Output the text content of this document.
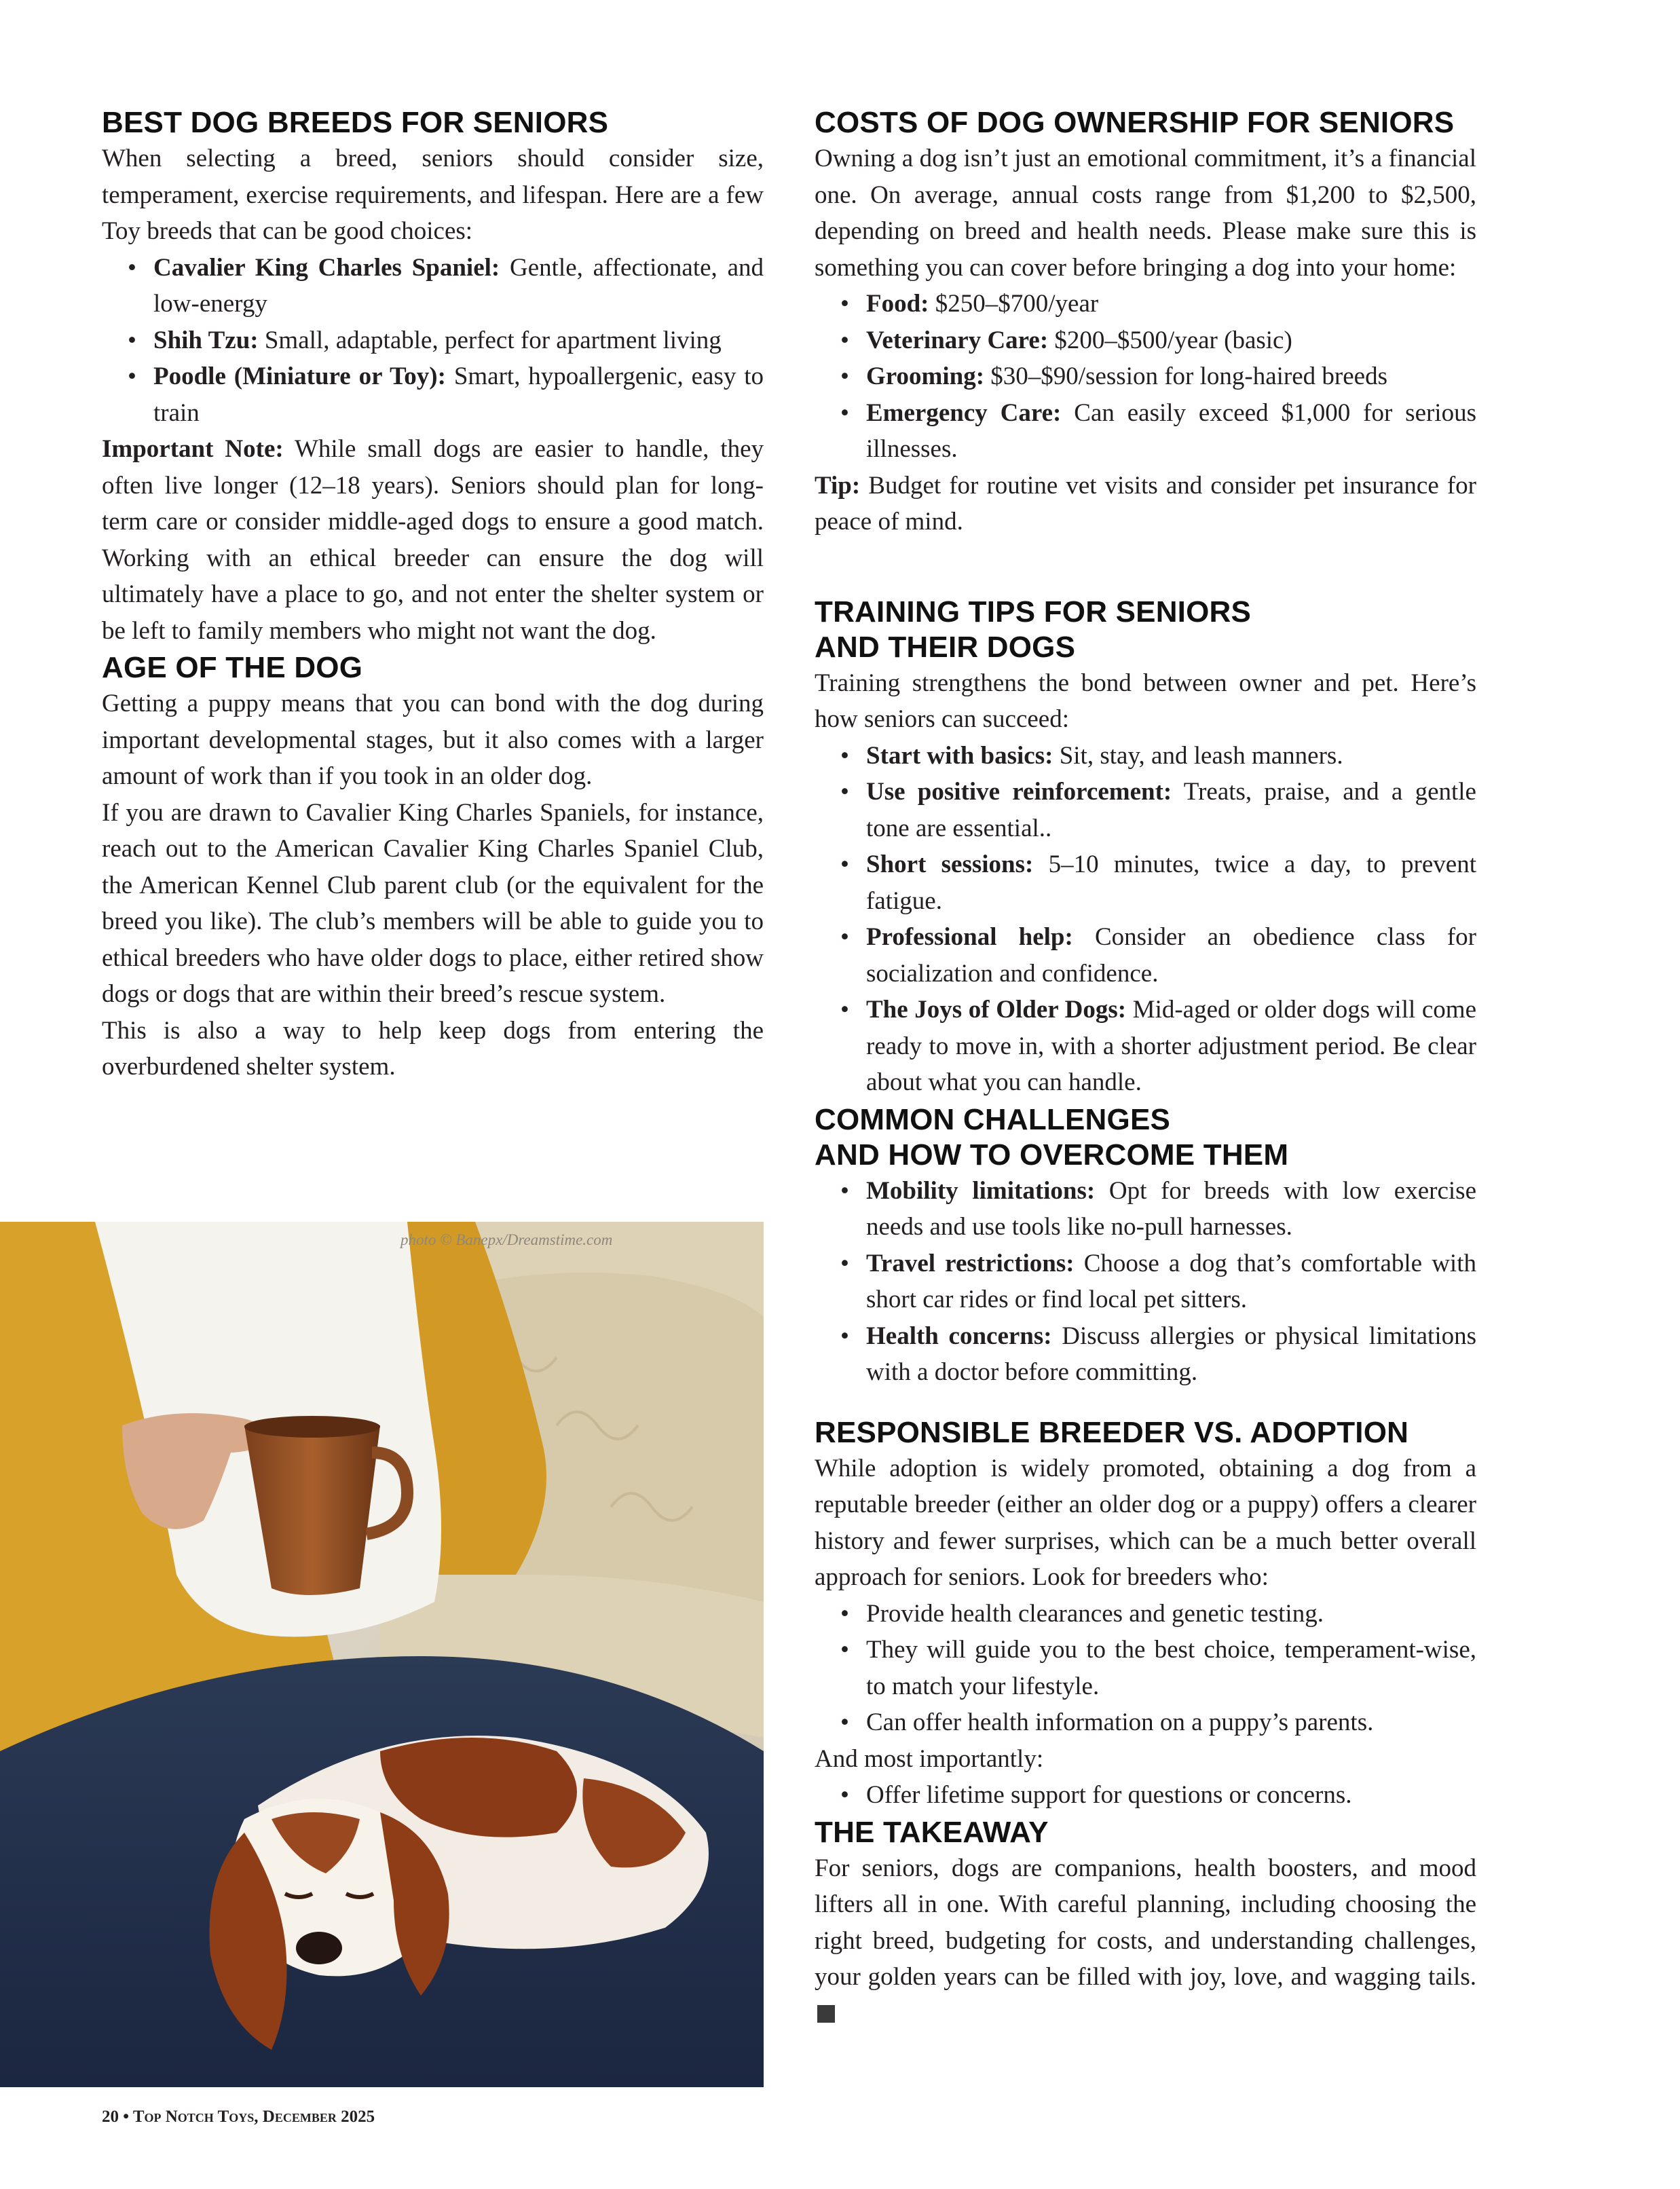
BEST DOG BREEDS FOR SENIORS

When selecting a breed, seniors should consider size, temperament, exercise requirements, and lifespan. Here are a few Toy breeds that can be good choices:

• Cavalier King Charles Spaniel: Gentle, affectionate, and low-energy
• Shih Tzu: Small, adaptable, perfect for apartment living
• Poodle (Miniature or Toy): Smart, hypoallergenic, easy to train

Important Note: While small dogs are easier to handle, they often live longer (12–18 years). Seniors should plan for long-term care or consider middle-aged dogs to ensure a good match. Working with an ethical breeder can ensure the dog will ultimately have a place to go, and not enter the shelter system or be left to family members who might not want the dog.

AGE OF THE DOG

Getting a puppy means that you can bond with the dog during important developmental stages, but it also comes with a larger amount of work than if you took in an older dog.

If you are drawn to Cavalier King Charles Spaniels, for instance, reach out to the American Cavalier King Charles Spaniel Club, the American Kennel Club parent club (or the equivalent for the breed you like). The club’s members will be able to guide you to ethical breeders who have older dogs to place, either retired show dogs or dogs that are within their breed’s rescue system.

This is also a way to help keep dogs from entering the overburdened shelter system.

photo © Banepx/Dreamstime.com
COSTS OF DOG OWNERSHIP FOR SENIORS

Owning a dog isn’t just an emotional commitment, it’s a financial one. On average, annual costs range from $1,200 to $2,500, depending on breed and health needs. Please make sure this is something you can cover before bringing a dog into your home:

• Food: $250–$700/year
• Veterinary Care: $200–$500/year (basic)
• Grooming: $30–$90/session for long-haired breeds
• Emergency Care: Can easily exceed $1,000 for serious illnesses.

Tip: Budget for routine vet visits and consider pet insurance for peace of mind.

TRAINING TIPS FOR SENIORS
AND THEIR DOGS

Training strengthens the bond between owner and pet. Here’s how seniors can succeed:

• Start with basics: Sit, stay, and leash manners.
• Use positive reinforcement: Treats, praise, and a gentle tone are essential..
• Short sessions: 5–10 minutes, twice a day, to prevent fatigue.
• Professional help: Consider an obedience class for socialization and confidence.
• The Joys of Older Dogs: Mid-aged or older dogs will come ready to move in, with a shorter adjustment period. Be clear about what you can handle.
COMMON CHALLENGES
AND HOW TO OVERCOME THEM
• Mobility limitations: Opt for breeds with low exercise needs and use tools like no-pull harnesses.
• Travel restrictions: Choose a dog that’s comfortable with short car rides or find local pet sitters.
• Health concerns: Discuss allergies or physical limitations with a doctor before committing.
RESPONSIBLE BREEDER VS. ADOPTION

While adoption is widely promoted, obtaining a dog from a reputable breeder (either an older dog or a puppy) offers a clearer history and fewer surprises, which can be a much better overall approach for seniors. Look for breeders who:

• Provide health clearances and genetic testing.
• They will guide you to the best choice, temperament-wise, to match your lifestyle.
• Can offer health information on a puppy’s parents.

And most importantly:

• Offer lifetime support for questions or concerns.
THE TAKEAWAY

For seniors, dogs are companions, health boosters, and mood lifters all in one. With careful planning, including choosing the right breed, budgeting for costs, and understanding challenges, your golden years can be filled with joy, love, and wagging tails.

20 • Top Notch Toys, December 2025
